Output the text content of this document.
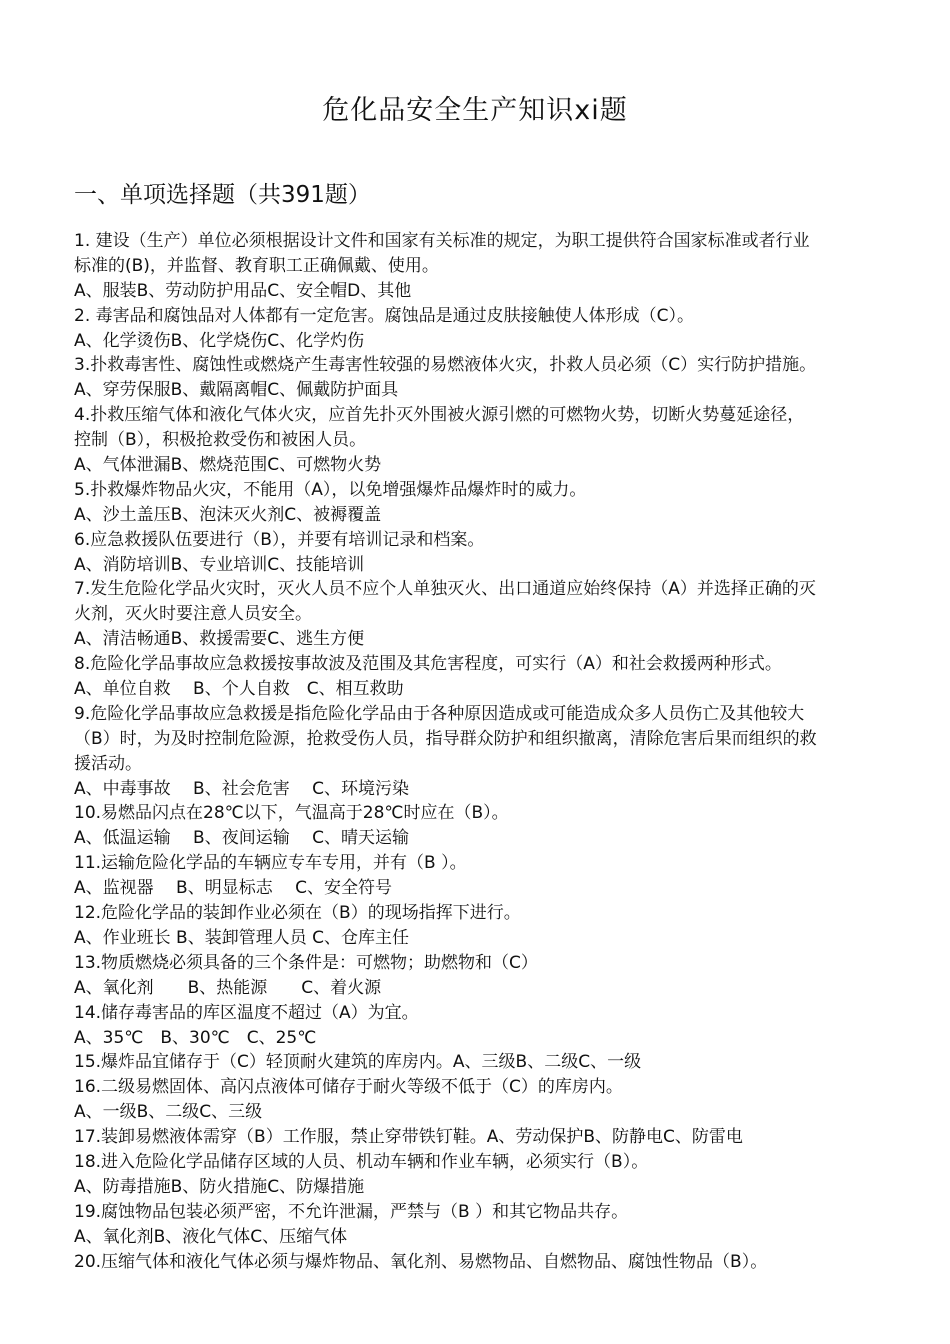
危化品安全生产知识xi题
一、单项选择题（共391题）
1. 建设（生产）单位必须根据设计文件和国家有关标准的规定，为职工提供符合国家标准或者行业
标准的(B)，并监督、教育职工正确佩戴、使用。
A、服装B、劳动防护用品C、安全帽D、其他
2. 毒害品和腐蚀品对人体都有一定危害。腐蚀品是通过皮肤接触使人体形成（C）。
A、化学烫伤B、化学烧伤C、化学灼伤
3.扑救毒害性、腐蚀性或燃烧产生毒害性较强的易燃液体火灾，扑救人员必须（C）实行防护措施。
A、穿劳保服B、戴隔离帽C、佩戴防护面具
4.扑救压缩气体和液化气体火灾，应首先扑灭外围被火源引燃的可燃物火势，切断火势蔓延途径，
控制（B），积极抢救受伤和被困人员。
A、气体泄漏B、燃烧范围C、可燃物火势
5.扑救爆炸物品火灾，不能用（A），以免增强爆炸品爆炸时的威力。
A、沙土盖压B、泡沫灭火剂C、被褥覆盖
6.应急救援队伍要进行（B），并要有培训记录和档案。
A、消防培训B、专业培训C、技能培训
7.发生危险化学品火灾时，灭火人员不应个人单独灭火、出口通道应始终保持（A）并选择正确的灭
火剂，灭火时要注意人员安全。
A、清洁畅通B、救援需要C、逃生方便
8.危险化学品事故应急救援按事故波及范围及其危害程度，可实行（A）和社会救援两种形式。
A、单位自救　 B、个人自救　C、相互救助
9.危险化学品事故应急救援是指危险化学品由于各种原因造成或可能造成众多人员伤亡及其他较大
（B）时，为及时控制危险源，抢救受伤人员，指导群众防护和组织撤离，清除危害后果而组织的救
援活动。
A、中毒事故　 B、社会危害　 C、环境污染
10.易燃品闪点在28℃以下，气温高于28℃时应在（B）。
A、低温运输　 B、夜间运输　 C、晴天运输
11.运输危险化学品的车辆应专车专用，并有（B ）。
A、监视器　 B、明显标志　 C、安全符号
12.危险化学品的装卸作业必须在（B）的现场指挥下进行。
A、作业班长 B、装卸管理人员 C、仓库主任
13.物质燃烧必须具备的三个条件是：可燃物；助燃物和（C）
A、氧化剂　　B、热能源　　C、着火源
14.储存毒害品的库区温度不超过（A）为宜。
A、35℃　B、30℃　C、25℃
15.爆炸品宜储存于（C）轻顶耐火建筑的库房内。A、三级B、二级C、一级
16.二级易燃固体、高闪点液体可储存于耐火等级不低于（C）的库房内。
A、一级B、二级C、三级
17.装卸易燃液体需穿（B）工作服，禁止穿带铁钉鞋。A、劳动保护B、防静电C、防雷电
18.进入危险化学品储存区域的人员、机动车辆和作业车辆，必须实行（B）。
A、防毒措施B、防火措施C、防爆措施
19.腐蚀物品包装必须严密，不允许泄漏，严禁与（B ）和其它物品共存。
A、氧化剂B、液化气体C、压缩气体
20.压缩气体和液化气体必须与爆炸物品、氧化剂、易燃物品、自燃物品、腐蚀性物品（B）。
